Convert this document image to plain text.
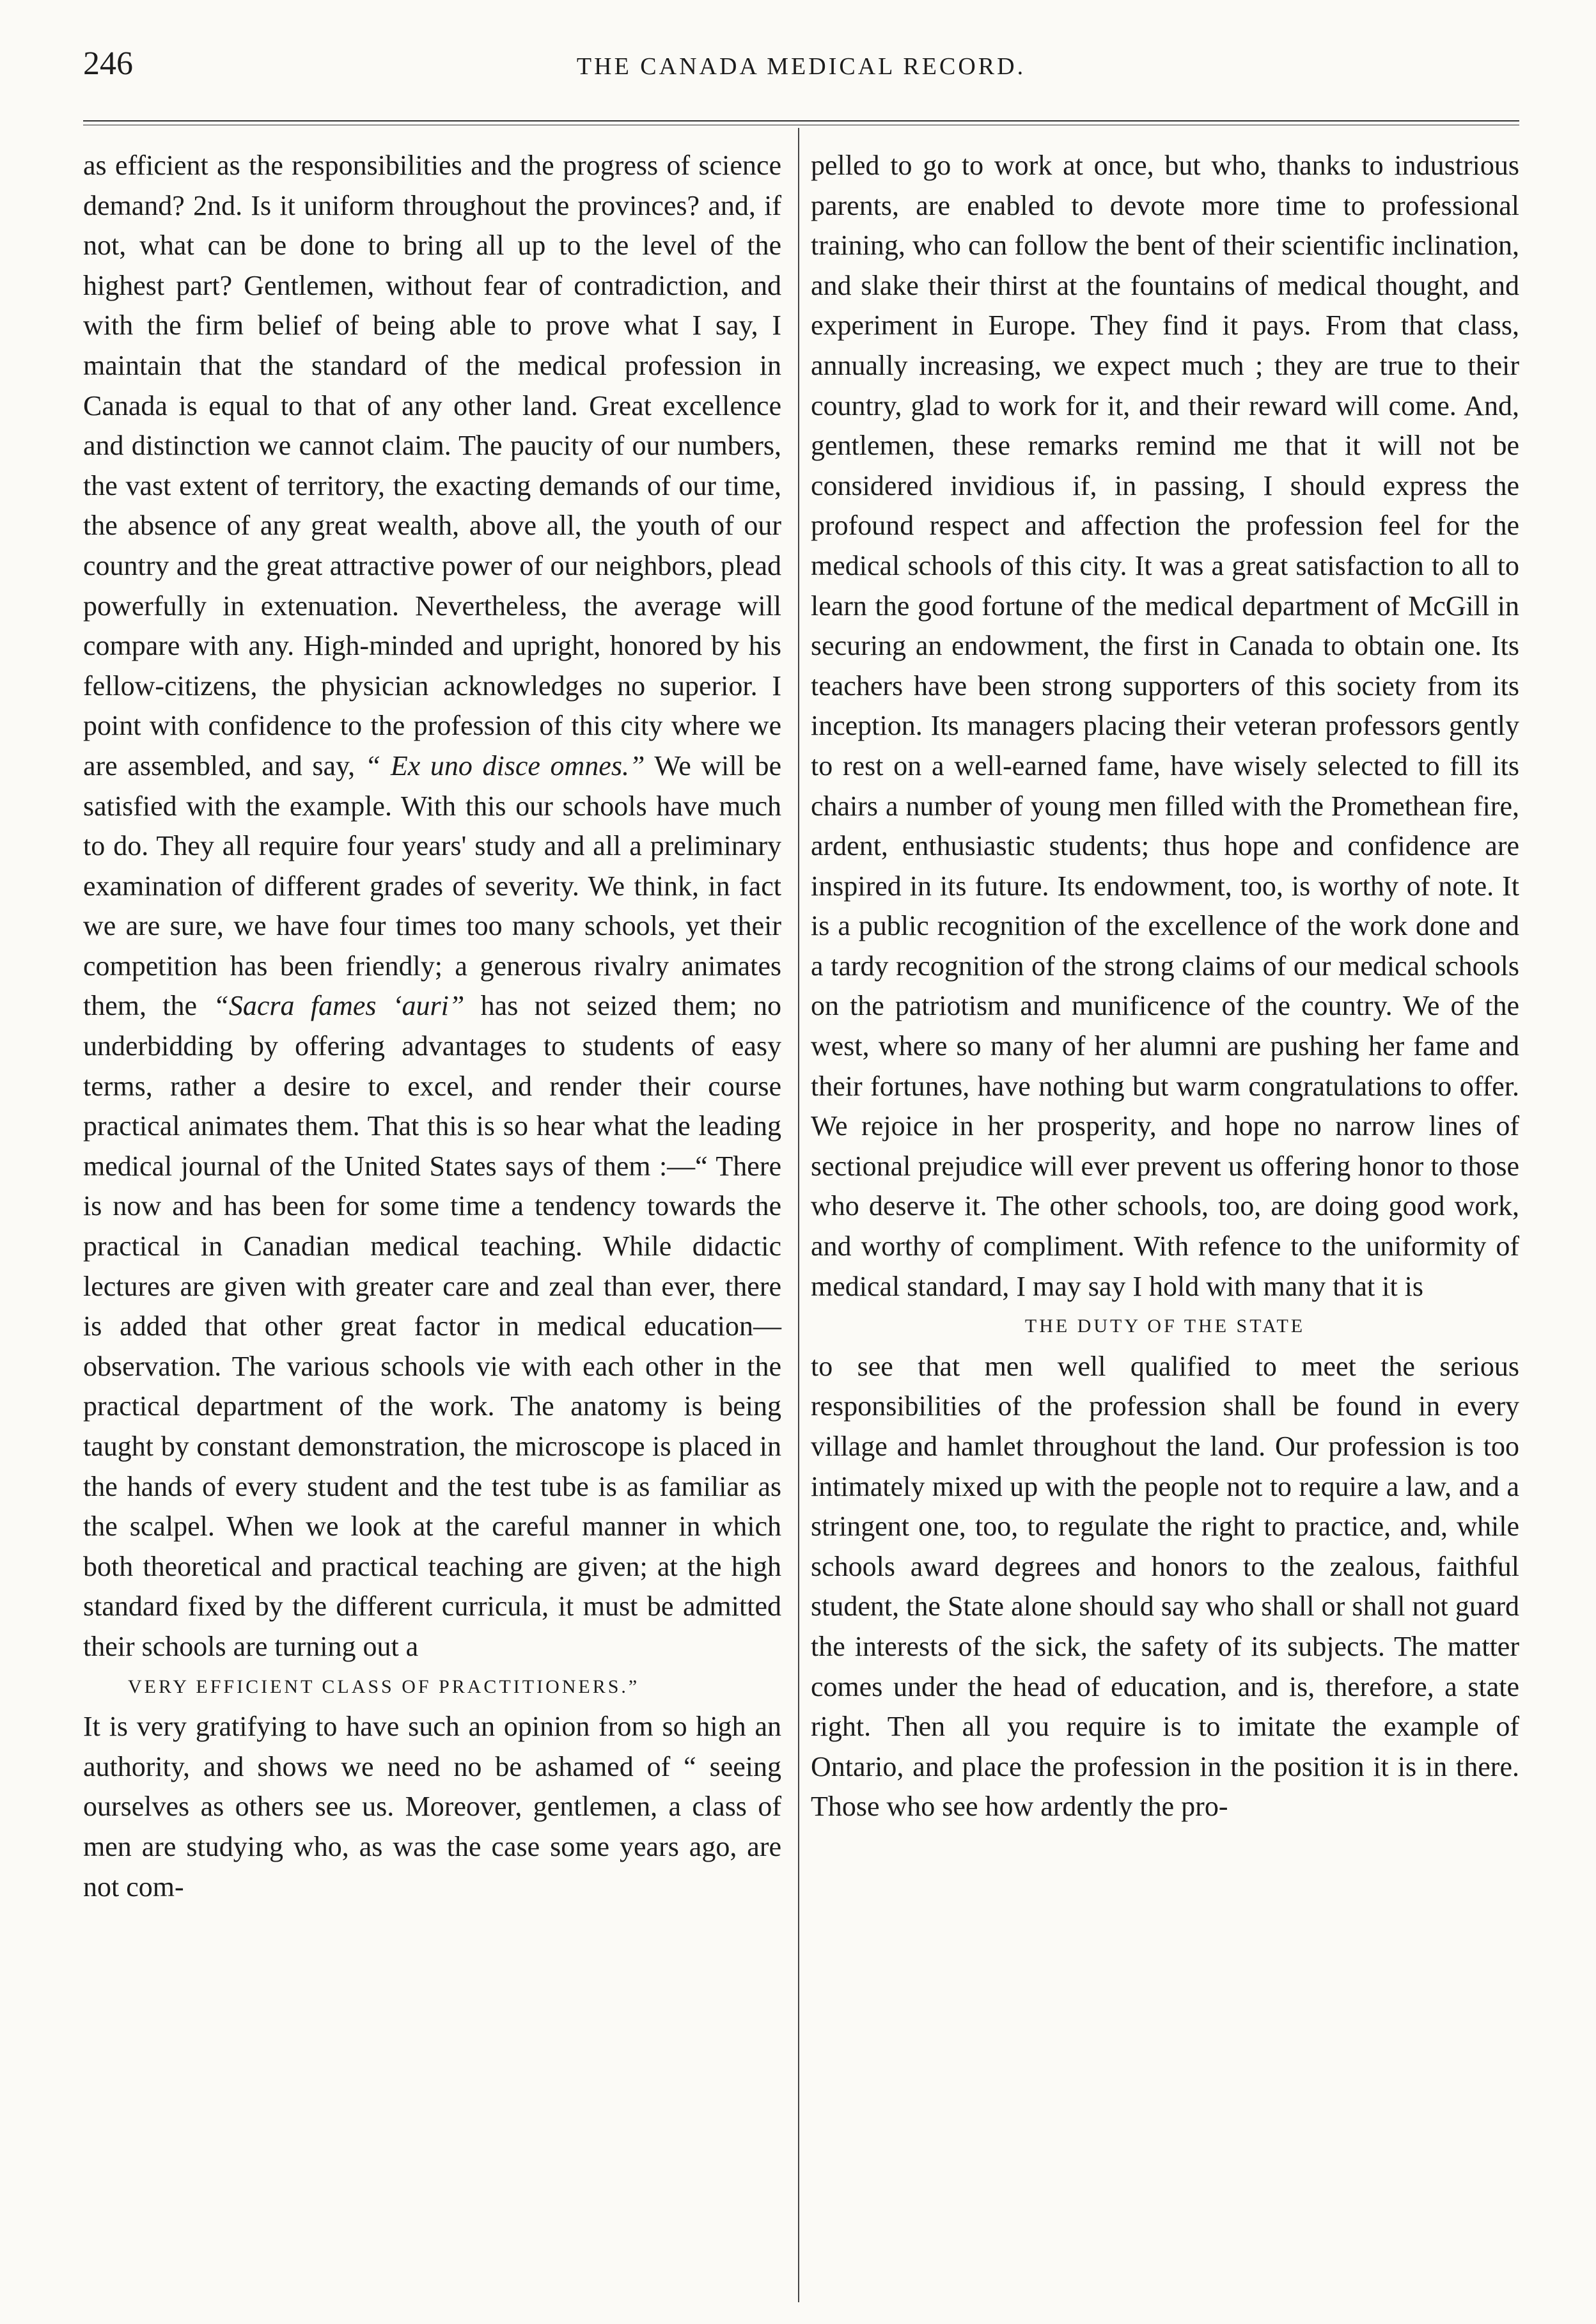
246	THE CANADA MEDICAL RECORD.

as efficient as the responsibilities and the progress of science demand? 2nd. Is it uniform throughout the provinces? and, if not, what can be done to bring all up to the level of the highest part? Gentlemen, without fear of contradiction, and with the firm belief of being able to prove what I say, I maintain that the standard of the medical profession in Canada is equal to that of any other land. Great excellence and distinction we cannot claim. The paucity of our numbers, the vast extent of territory, the exacting demands of our time, the absence of any great wealth, above all, the youth of our country and the great attractive power of our neighbors, plead powerfully in extenuation. Nevertheless, the average will compare with any. High-minded and upright, honored by his fellow-citizens, the physician acknowledges no superior. I point with confidence to the profession of this city where we are assembled, and say, “ Ex uno disce omnes.” We will be satisfied with the example. With this our schools have much to do. They all require four years' study and all a preliminary examination of different grades of severity. We think, in fact we are sure, we have four times too many schools, yet their competition has been friendly; a generous rivalry animates them, the “Sacra fames ‘auri” has not seized them; no underbidding by offering advantages to students of easy terms, rather a desire to excel, and render their course practical animates them. That this is so hear what the leading medical journal of the United States says of them :—“ There is now and has been for some time a tendency towards the practical in Canadian medical teaching. While didactic lectures are given with greater care and zeal than ever, there is added that other great factor in medical education—observation. The various schools vie with each other in the practical department of the work. The anatomy is being taught by constant demonstration, the microscope is placed in the hands of every student and the test tube is as familiar as the scalpel. When we look at the careful manner in which both theoretical and practical teaching are given; at the high standard fixed by the different curricula, it must be admitted their schools are turning out a

VERY EFFICIENT CLASS OF PRACTITIONERS.”

It is very gratifying to have such an opinion from so high an authority, and shows we need no be ashamed of “ seeing ourselves as others see us. Moreover, gentlemen, a class of men are studying who, as was the case some years ago, are not com-

pelled to go to work at once, but who, thanks to industrious parents, are enabled to devote more time to professional training, who can follow the bent of their scientific inclination, and slake their thirst at the fountains of medical thought, and experiment in Europe. They find it pays. From that class, annually increasing, we expect much ; they are true to their country, glad to work for it, and their reward will come. And, gentlemen, these remarks remind me that it will not be considered invidious if, in passing, I should express the profound respect and affection the profession feel for the medical schools of this city. It was a great satisfaction to all to learn the good fortune of the medical department of McGill in securing an endowment, the first in Canada to obtain one. Its teachers have been strong supporters of this society from its inception. Its managers placing their veteran professors gently to rest on a well-earned fame, have wisely selected to fill its chairs a number of young men filled with the Promethean fire, ardent, enthusiastic students; thus hope and confidence are inspired in its future. Its endowment, too, is worthy of note. It is a public recognition of the excellence of the work done and a tardy recognition of the strong claims of our medical schools on the patriotism and munificence of the country. We of the west, where so many of her alumni are pushing her fame and their fortunes, have nothing but warm congratulations to offer. We rejoice in her prosperity, and hope no narrow lines of sectional prejudice will ever prevent us offering honor to those who deserve it. The other schools, too, are doing good work, and worthy of compliment. With refence to the uniformity of medical standard, I may say I hold with many that it is

THE DUTY OF THE STATE

to see that men well qualified to meet the serious responsibilities of the profession shall be found in every village and hamlet throughout the land. Our profession is too intimately mixed up with the people not to require a law, and a stringent one, too, to regulate the right to practice, and, while schools award degrees and honors to the zealous, faithful student, the State alone should say who shall or shall not guard the interests of the sick, the safety of its subjects. The matter comes under the head of education, and is, therefore, a state right. Then all you require is to imitate the example of Ontario, and place the profession in the position it is in there. Those who see how ardently the pro-
